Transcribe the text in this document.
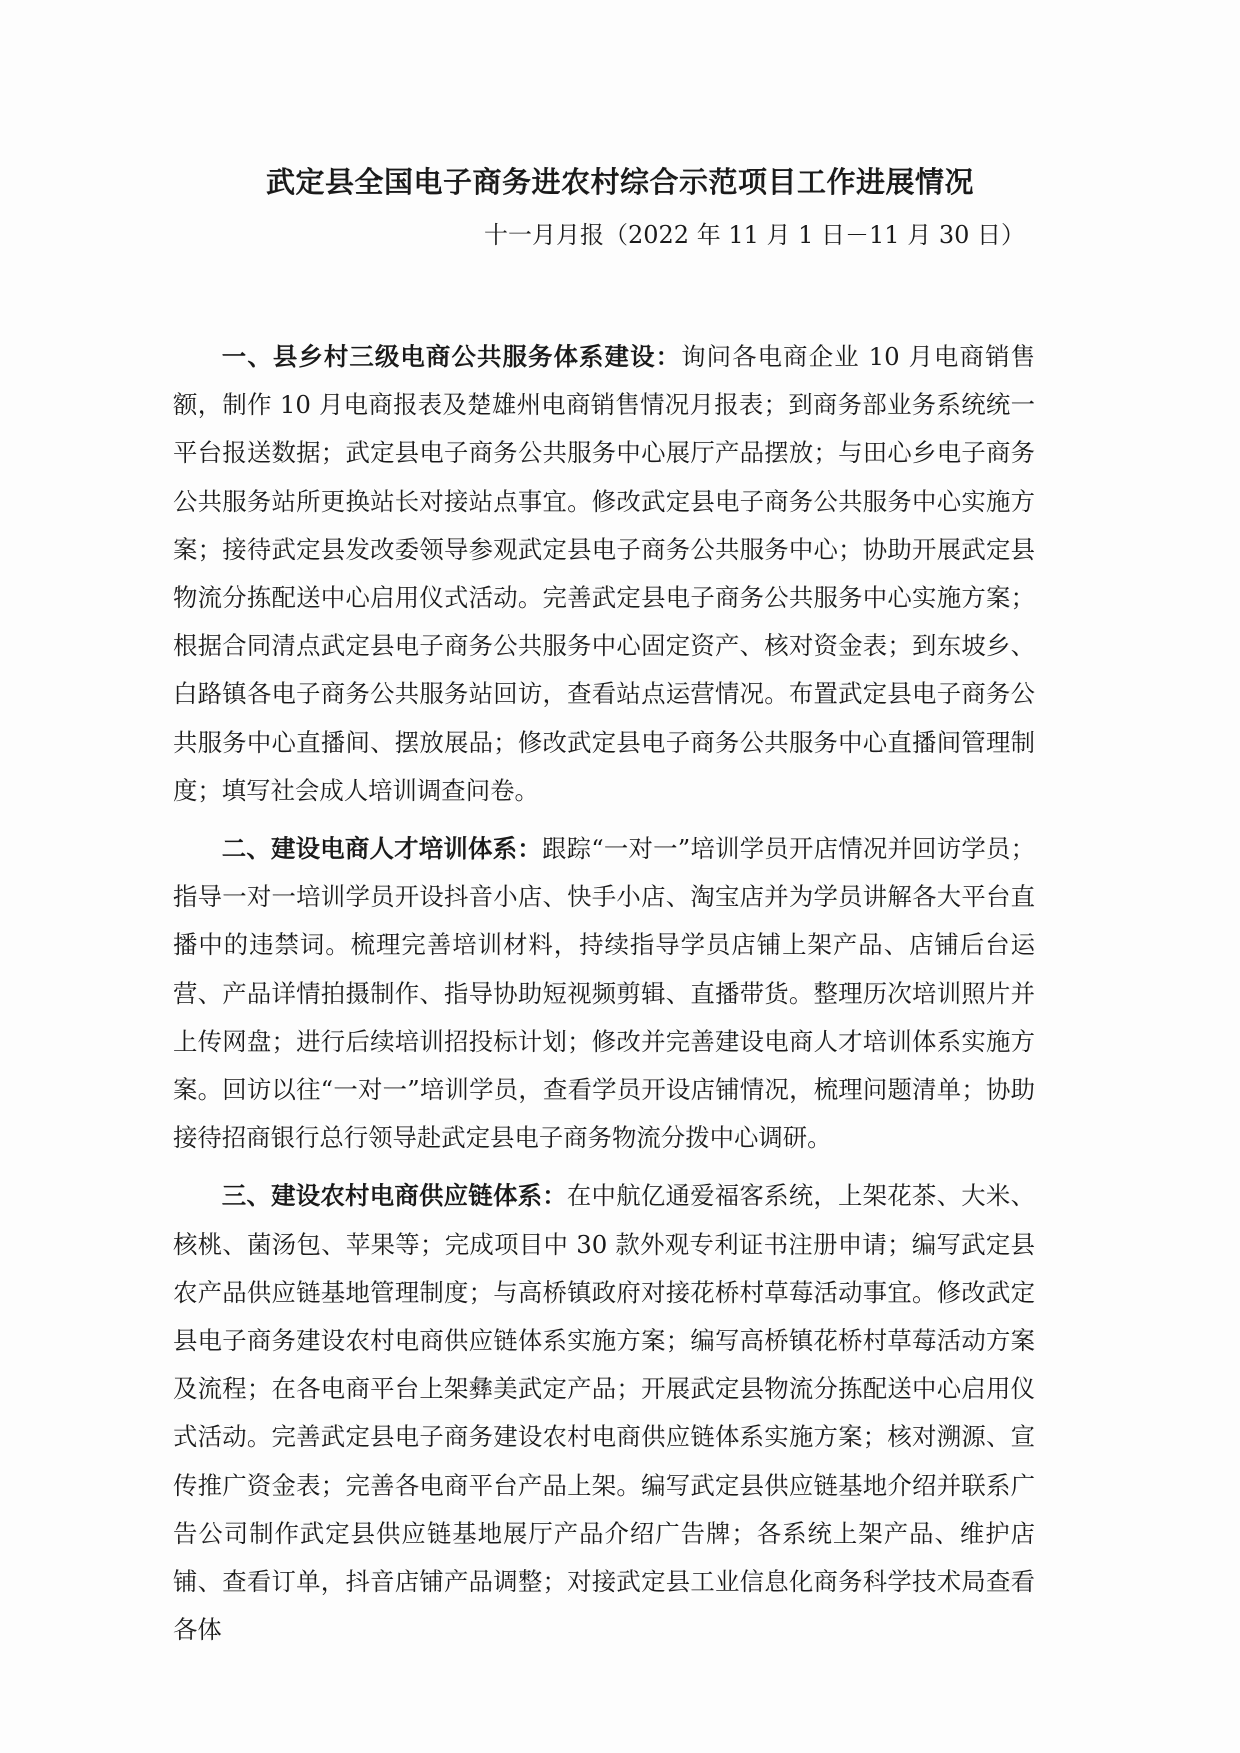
武定县全国电子商务进农村综合示范项目工作进展情况

十一月月报（2022 年 11 月 1 日－11 月 30 日）

一、县乡村三级电商公共服务体系建设：询问各电商企业 10 月电商销售额，制作 10 月电商报表及楚雄州电商销售情况月报表；到商务部业务系统统一平台报送数据；武定县电子商务公共服务中心展厅产品摆放；与田心乡电子商务公共服务站所更换站长对接站点事宜。修改武定县电子商务公共服务中心实施方案；接待武定县发改委领导参观武定县电子商务公共服务中心；协助开展武定县物流分拣配送中心启用仪式活动。完善武定县电子商务公共服务中心实施方案；根据合同清点武定县电子商务公共服务中心固定资产、核对资金表；到东坡乡、白路镇各电子商务公共服务站回访，查看站点运营情况。布置武定县电子商务公共服务中心直播间、摆放展品；修改武定县电子商务公共服务中心直播间管理制度；填写社会成人培训调查问卷。

二、建设电商人才培训体系：跟踪“一对一”培训学员开店情况并回访学员；指导一对一培训学员开设抖音小店、快手小店、淘宝店并为学员讲解各大平台直播中的违禁词。梳理完善培训材料，持续指导学员店铺上架产品、店铺后台运营、产品详情拍摄制作、指导协助短视频剪辑、直播带货。整理历次培训照片并上传网盘；进行后续培训招投标计划；修改并完善建设电商人才培训体系实施方案。回访以往“一对一”培训学员，查看学员开设店铺情况，梳理问题清单；协助接待招商银行总行领导赴武定县电子商务物流分拨中心调研。

三、建设农村电商供应链体系：在中航亿通爱福客系统，上架花茶、大米、核桃、菌汤包、苹果等；完成项目中 30 款外观专利证书注册申请；编写武定县农产品供应链基地管理制度；与高桥镇政府对接花桥村草莓活动事宜。修改武定县电子商务建设农村电商供应链体系实施方案；编写高桥镇花桥村草莓活动方案及流程；在各电商平台上架彝美武定产品；开展武定县物流分拣配送中心启用仪式活动。完善武定县电子商务建设农村电商供应链体系实施方案；核对溯源、宣传推广资金表；完善各电商平台产品上架。编写武定县供应链基地介绍并联系广告公司制作武定县供应链基地展厅产品介绍广告牌；各系统上架产品、维护店铺、查看订单，抖音店铺产品调整；对接武定县工业信息化商务科学技术局查看各体
